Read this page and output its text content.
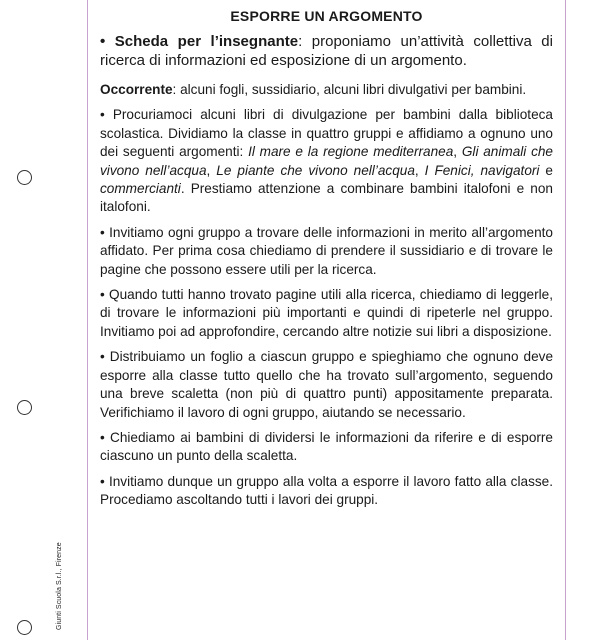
Giunti Scuola S.r.l., Firenze
ESPORRE UN ARGOMENTO

• Scheda per l’insegnante: proponiamo un’attività collettiva di ricerca di informazioni ed esposizione di un argomento.

Occorrente: alcuni fogli, sussidiario, alcuni libri divulgativi per bambini.

• Procuriamoci alcuni libri di divulgazione per bambini dalla biblioteca scolastica. Dividiamo la classe in quattro gruppi e affidiamo a ognuno uno dei seguenti argomenti: Il mare e la regione mediterranea, Gli animali che vivono nell’acqua, Le piante che vivono nell’acqua, I Fenici, navigatori e commercianti. Prestiamo attenzione a combinare bambini italofoni e non italofoni.

• Invitiamo ogni gruppo a trovare delle informazioni in merito all’argomento affidato. Per prima cosa chiediamo di prendere il sussidiario e di trovare le pagine che possono essere utili per la ricerca.

• Quando tutti hanno trovato pagine utili alla ricerca, chiediamo di leggerle, di trovare le informazioni più importanti e quindi di ripeterle nel gruppo. Invitiamo poi ad approfondire, cercando altre notizie sui libri a disposizione.

• Distribuiamo un foglio a ciascun gruppo e spieghiamo che ognuno deve esporre alla classe tutto quello che ha trovato sull’argomento, seguendo una breve scaletta (non più di quattro punti) appositamente preparata. Verifichiamo il lavoro di ogni gruppo, aiutando se necessario.

• Chiediamo ai bambini di dividersi le informazioni da riferire e di esporre ciascuno un punto della scaletta.

• Invitiamo dunque un gruppo alla volta a esporre il lavoro fatto alla classe. Procediamo ascoltando tutti i lavori dei gruppi.
